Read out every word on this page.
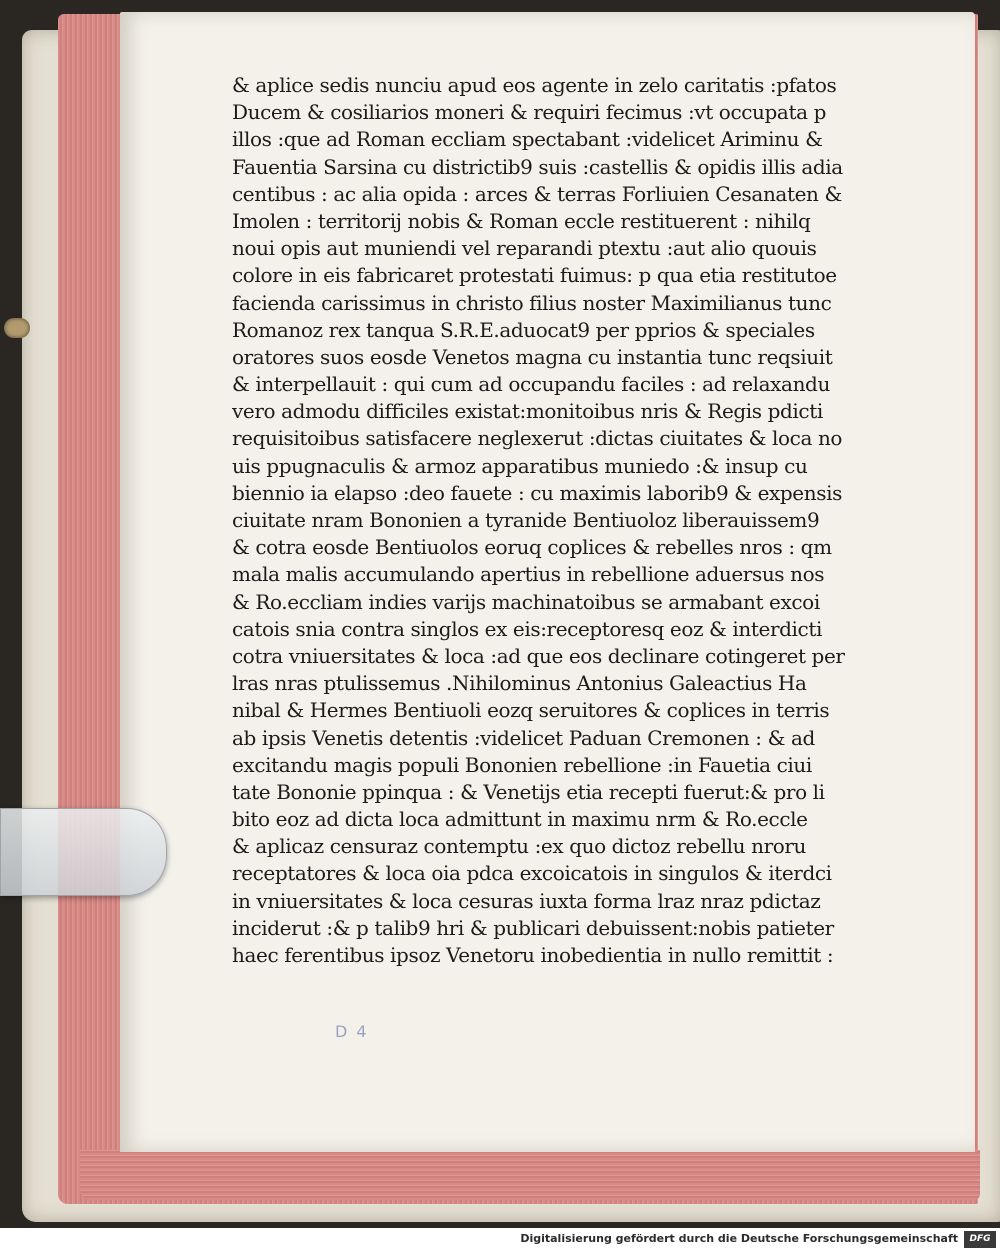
& aplice sedis nunciu apud eos agente in zelo caritatis :pfatos
Ducem & cosiliarios moneri & requiri fecimus :vt occupata p
illos :que ad Roman eccliam spectabant :videlicet Ariminu &
Fauentia Sarsina cu districtib9 suis :castellis & opidis illis adia
centibus : ac alia opida : arces & terras Forliuien Cesanaten &
Imolen : territorij nobis & Roman eccle restituerent : nihilq
noui opis aut muniendi vel reparandi ptextu :aut alio quouis
colore in eis fabricaret protestati fuimus: p qua etia restitutoe
facienda carissimus in christo filius noster Maximilianus tunc
Romanoz rex tanqua S.R.E.aduocat9 per pprios & speciales
oratores suos eosde Venetos magna cu instantia tunc reqsiuit
& interpellauit : qui cum ad occupandu faciles : ad relaxandu
vero admodu difficiles existat:monitoibus nris & Regis pdicti
requisitoibus satisfacere neglexerut :dictas ciuitates & loca no
uis ppugnaculis & armoz apparatibus muniedo :& insup cu
biennio ia elapso :deo fauete : cu maximis laborib9 & expensis
ciuitate nram Bononien a tyranide Bentiuoloz liberauissem9
& cotra eosde Bentiuolos eoruq coplices & rebelles nros : qm
mala malis accumulando apertius in rebellione aduersus nos
& Ro.eccliam indies varijs machinatoibus se armabant excoi
catois snia contra singlos ex eis:receptoresq eoz & interdicti
cotra vniuersitates & loca :ad que eos declinare cotingeret per
lras nras ptulissemus .Nihilominus Antonius Galeactius Ha
nibal & Hermes Bentiuoli eozq seruitores & coplices in terris
ab ipsis Venetis detentis :videlicet Paduan Cremonen : & ad
excitandu magis populi Bononien rebellione :in Fauetia ciui
tate Bononie ppinqua : & Venetijs etia recepti fuerut:& pro li
bito eoz ad dicta loca admittunt in maximu nrm & Ro.eccle
& aplicaz censuraz contemptu :ex quo dictoz rebellu nroru
receptatores & loca oia pdca excoicatois in singulos & iterdci
in vniuersitates & loca cesuras iuxta forma lraz nraz pdictaz
inciderut :& p talib9 hri & publicari debuissent:nobis patieter
haec ferentibus ipsoz Venetoru inobedientia in nullo remittit :
D 4
Digitalisierung gefördert durch die Deutsche Forschungsgemeinschaft	DFG
